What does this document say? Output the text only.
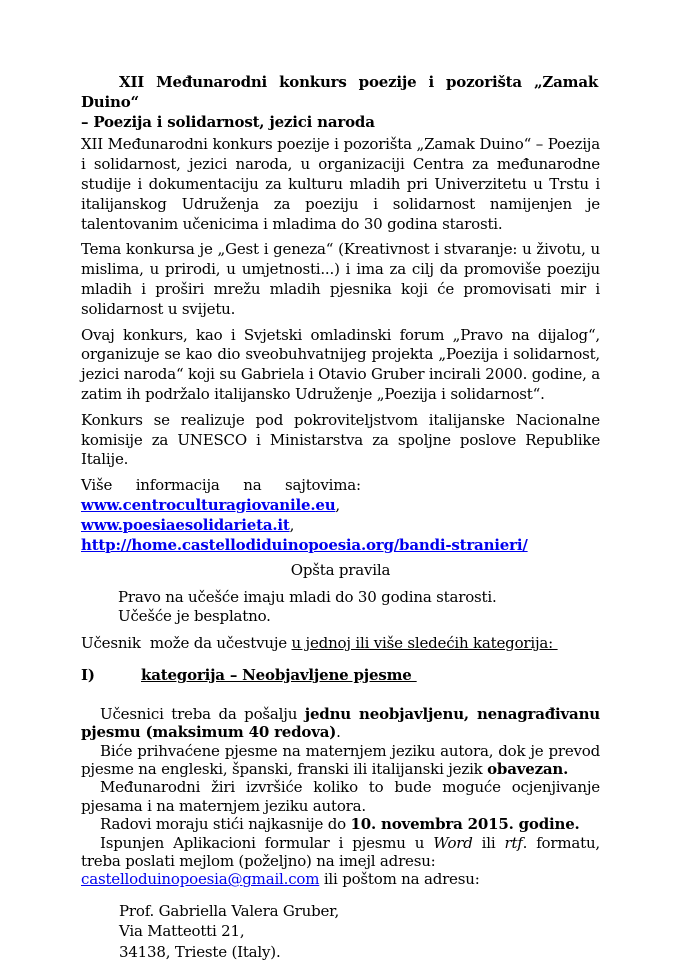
XII Međunarodni konkurs poezije i pozorišta „Zamak Duino“
– Poezija i solidarnost, jezici naroda

XII Međunarodni konkurs poezije i pozorišta „Zamak Duino“ – Poezija i solidarnost, jezici naroda, u organizaciji Centra za međunarodne studije i dokumentaciju za kulturu mladih pri Univerzitetu u Trstu i italijanskog Udruženja za poeziju i solidarnost namijenjen je talentovanim učenicima i mladima do 30 godina starosti.

Tema konkursa je „Gest i geneza“ (Kreativnost i stvaranje: u životu, u mislima, u prirodi, u umjetnosti...) i ima za cilj da promoviše poeziju mladih i proširi mrežu mladih pjesnika koji će promovisati mir i solidarnost u svijetu.

Ovaj konkurs, kao i Svjetski omladinski forum „Pravo na dijalog“, organizuje se kao dio sveobuhvatnijeg projekta „Poezija i solidarnost, jezici naroda“ koji su Gabriela i Otavio Gruber incirali 2000. godine, a zatim ih podržalo italijansko Udruženje „Poezija i solidarnost“.

Konkurs se realizuje pod pokroviteljstvom italijanske Nacionalne komisije za UNESCO i Ministarstva za spoljne poslove Republike Italije.

Više informacija na sajtovima: www.centroculturagiovanile.eu,
www.poesiaesolidarieta.it,
http://home.castellodiduinopoesia.org/bandi-stranieri/

Opšta pravila

Pravo na učešće imaju mladi do 30 godina starosti.
Učešće je besplatno.

Učesnik  može da učestvuje u jednoj ili više sledećih kategorija:

I)	kategorija – Neobjavljene pjesme

Učesnici treba da pošalju jednu neobjavljenu, nenagrađivanu pjesmu (maksimum 40 redova).

Biće prihvaćene pjesme na maternjem jeziku autora, dok je prevod pjesme na engleski, španski, franski ili italijanski jezik obavezan.

Međunarodni žiri izvršiće koliko to bude moguće ocjenjivanje pjesama i na maternjem jeziku autora.

Radovi moraju stići najkasnije do 10. novembra 2015. godine.

Ispunjen Aplikacioni formular i pjesmu u Word ili rtf. formatu, treba poslati mejlom (poželjno) na imejl adresu:
castelloduinopoesia@gmail.com ili poštom na adresu:

Prof. Gabriella Valera Gruber,
Via Matteotti 21,
34138, Trieste (Italy).
